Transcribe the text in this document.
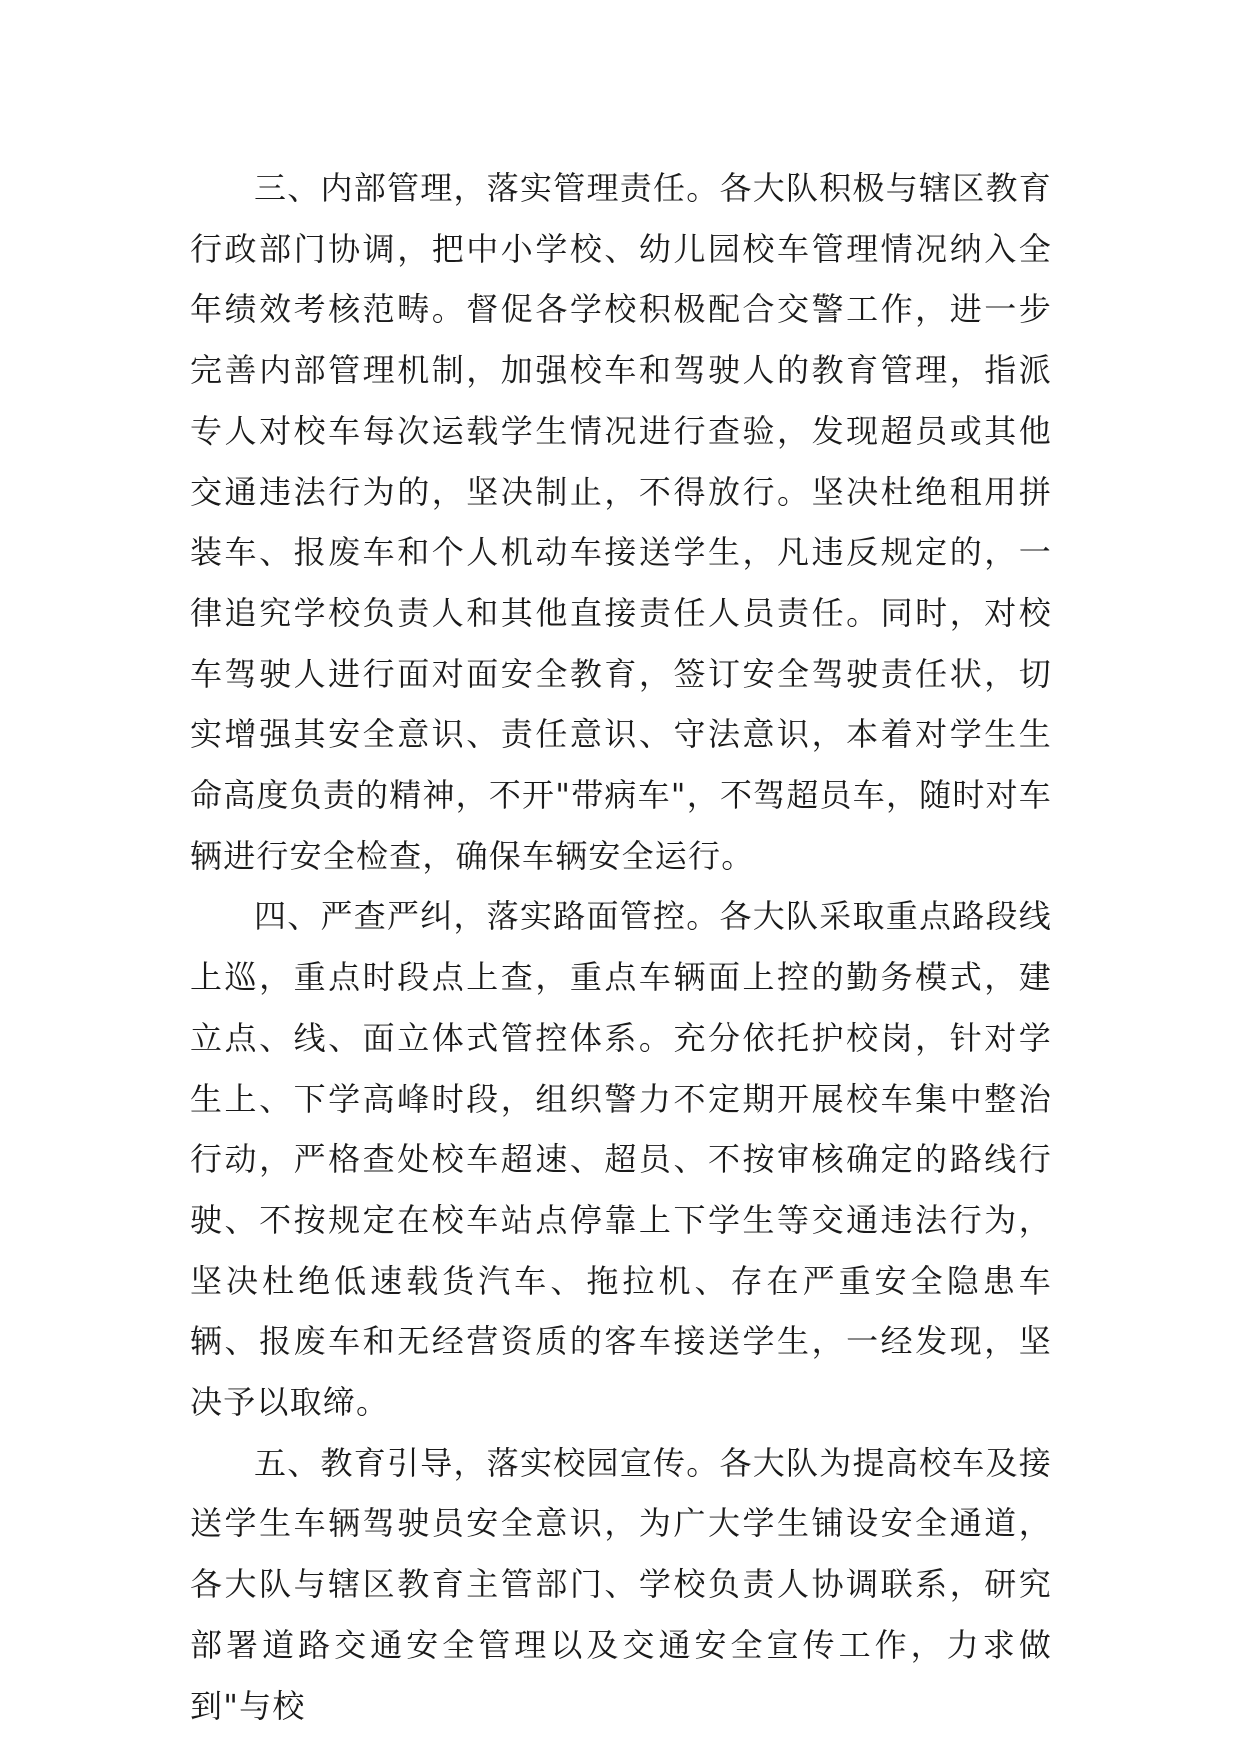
三、内部管理，落实管理责任。各大队积极与辖区教育行政部门协调，把中小学校、幼儿园校车管理情况纳入全年绩效考核范畴。督促各学校积极配合交警工作，进一步完善内部管理机制，加强校车和驾驶人的教育管理，指派专人对校车每次运载学生情况进行查验，发现超员或其他交通违法行为的，坚决制止，不得放行。坚决杜绝租用拼装车、报废车和个人机动车接送学生，凡违反规定的，一律追究学校负责人和其他直接责任人员责任。同时，对校车驾驶人进行面对面安全教育，签订安全驾驶责任状，切实增强其安全意识、责任意识、守法意识，本着对学生生命高度负责的精神，不开"带病车"，不驾超员车，随时对车辆进行安全检查，确保车辆安全运行。

四、严查严纠，落实路面管控。各大队采取重点路段线上巡，重点时段点上查，重点车辆面上控的勤务模式，建立点、线、面立体式管控体系。充分依托护校岗，针对学生上、下学高峰时段，组织警力不定期开展校车集中整治行动，严格查处校车超速、超员、不按审核确定的路线行驶、不按规定在校车站点停靠上下学生等交通违法行为，坚决杜绝低速载货汽车、拖拉机、存在严重安全隐患车辆、报废车和无经营资质的客车接送学生，一经发现，坚决予以取缔。

五、教育引导，落实校园宣传。各大队为提高校车及接送学生车辆驾驶员安全意识，为广大学生铺设安全通道，各大队与辖区教育主管部门、学校负责人协调联系，研究部署道路交通安全管理以及交通安全宣传工作，力求做到"与校
